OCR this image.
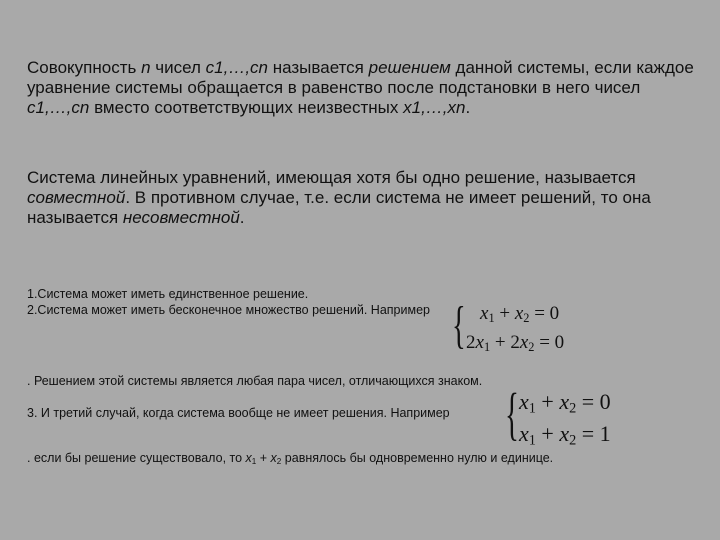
Совокупность n чисел с1,…,сn называется решением данной системы, если каждое уравнение системы обращается в равенство после подстановки в него чисел с1,…,сn вместо соответствующих неизвестных x1,…,xn.

Система линейных уравнений, имеющая хотя бы одно решение, называется совместной. В противном случае, т.е. если система не имеет решений, то она называется несовместной.

1.Система может иметь единственное решение.

2.Система может иметь бесконечное множество решений. Например { $x_1 + x_2 = 0$
$2x_1 + 2x_2 = 0$

. Решением этой системы является любая пара чисел, отличающихся знаком.

3. И третий случай, когда система вообще не имеет решения. Например { $x_1 + x_2 = 0$
$x_1 + x_2 = 1$

. если бы решение существовало, то $x_1 + x_2$ равнялось бы одновременно нулю и единице.
